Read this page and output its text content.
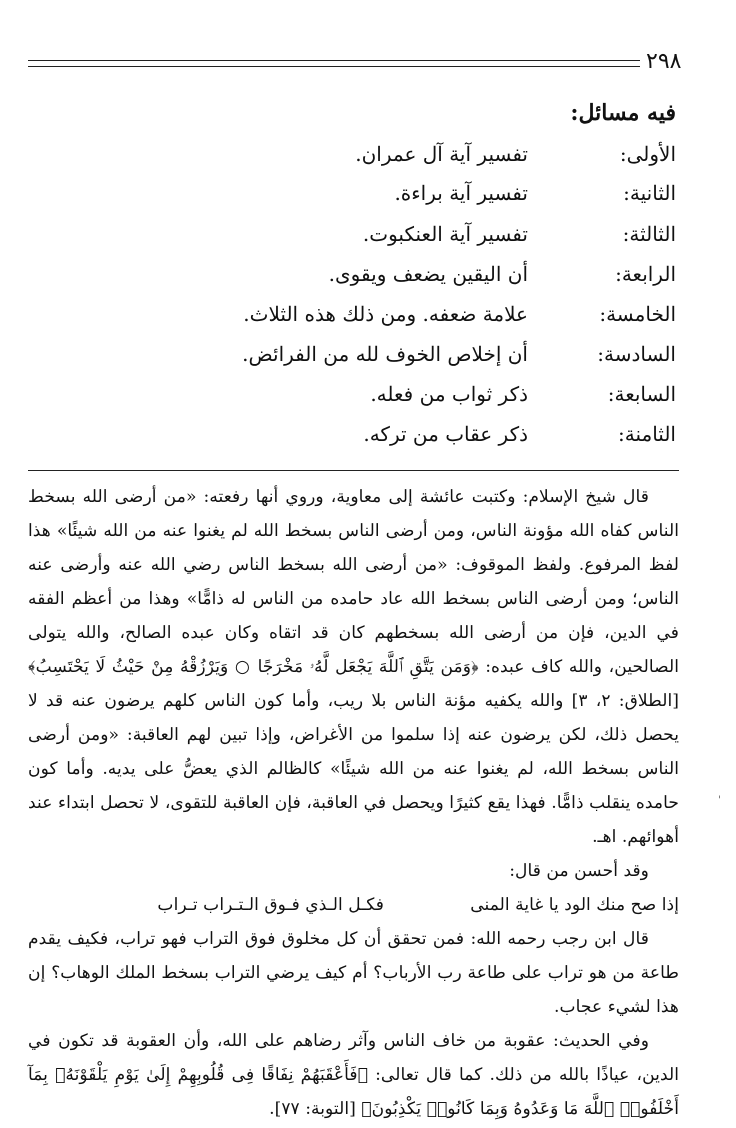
٢٩٨
فيه مسائل:
الأولى:
تفسير آية آل عمران.
الثانية:
تفسير آية براءة.
الثالثة:
تفسير آية العنكبوت.
الرابعة:
أن اليقين يضعف ويقوى.
الخامسة:
علامة ضعفه. ومن ذلك هذه الثلاث.
السادسة:
أن إخلاص الخوف لله من الفرائض.
السابعة:
ذكر ثواب من فعله.
الثامنة:
ذكر عقاب من تركه.

قال شيخ الإسلام: وكتبت عائشة إلى معاوية، وروي أنها رفعته: «من أرضى الله بسخط الناس كفاه الله مؤونة الناس، ومن أرضى الناس بسخط الله لم يغنوا عنه من الله شيئًا» هذا لفظ المرفوع. ولفظ الموقوف: «من أرضى الله بسخط الناس رضي الله عنه وأرضى عنه الناس؛ ومن أرضى الناس بسخط الله عاد حامده من الناس له ذامًّا» وهذا من أعظم الفقه في الدين، فإن من أرضى الله بسخطهم كان قد اتقاه وكان عبده الصالح، والله يتولى الصالحين، والله كاف عبده: ﴿وَمَن يَتَّقِ ٱللَّهَ يَجْعَل لَّهُۥ مَخْرَجًا ○ وَيَرْزُقْهُ مِنْ حَيْثُ لَا يَحْتَسِبُ﴾ [الطلاق: ٢، ٣] والله يكفيه مؤنة الناس بلا ريب، وأما كون الناس كلهم يرضون عنه قد لا يحصل ذلك، لكن يرضون عنه إذا سلموا من الأغراض، وإذا تبين لهم العاقبة: «ومن أرضى الناس بسخط الله، لم يغنوا عنه من الله شيئًا» كالظالم الذي يعضُّ على يديه. وأما كون حامده ينقلب ذامًّا. فهذا يقع كثيرًا ويحصل في العاقبة، فإن العاقبة للتقوى، لا تحصل ابتداء عند أهوائهم. اهـ.

وقد أحسن من قال:

إذا صح منك الود يا غاية المنى
فكـل الـذي فـوق الـتـراب تـراب

قال ابن رجب رحمه الله: فمن تحقق أن كل مخلوق فوق التراب فهو تراب، فكيف يقدم طاعة من هو تراب على طاعة رب الأرباب؟ أم كيف يرضي التراب بسخط الملك الوهاب؟ إن هذا لشيء عجاب.

وفي الحديث: عقوبة من خاف الناس وآثر رضاهم على الله، وأن العقوبة قد تكون في الدين، عياذًا بالله من ذلك. كما قال تعالى: ﴿فَأَعْقَبَهُمْ نِفَاقًا فِى قُلُوبِهِمْ إِلَىٰ يَوْمِ يَلْقَوْنَهُۥ بِمَآ أَخْلَفُوا۟ ٱللَّهَ مَا وَعَدُوهُ وَبِمَا كَانُوا۟ يَكْذِبُونَ﴾ [التوبة: ٧٧].

'
